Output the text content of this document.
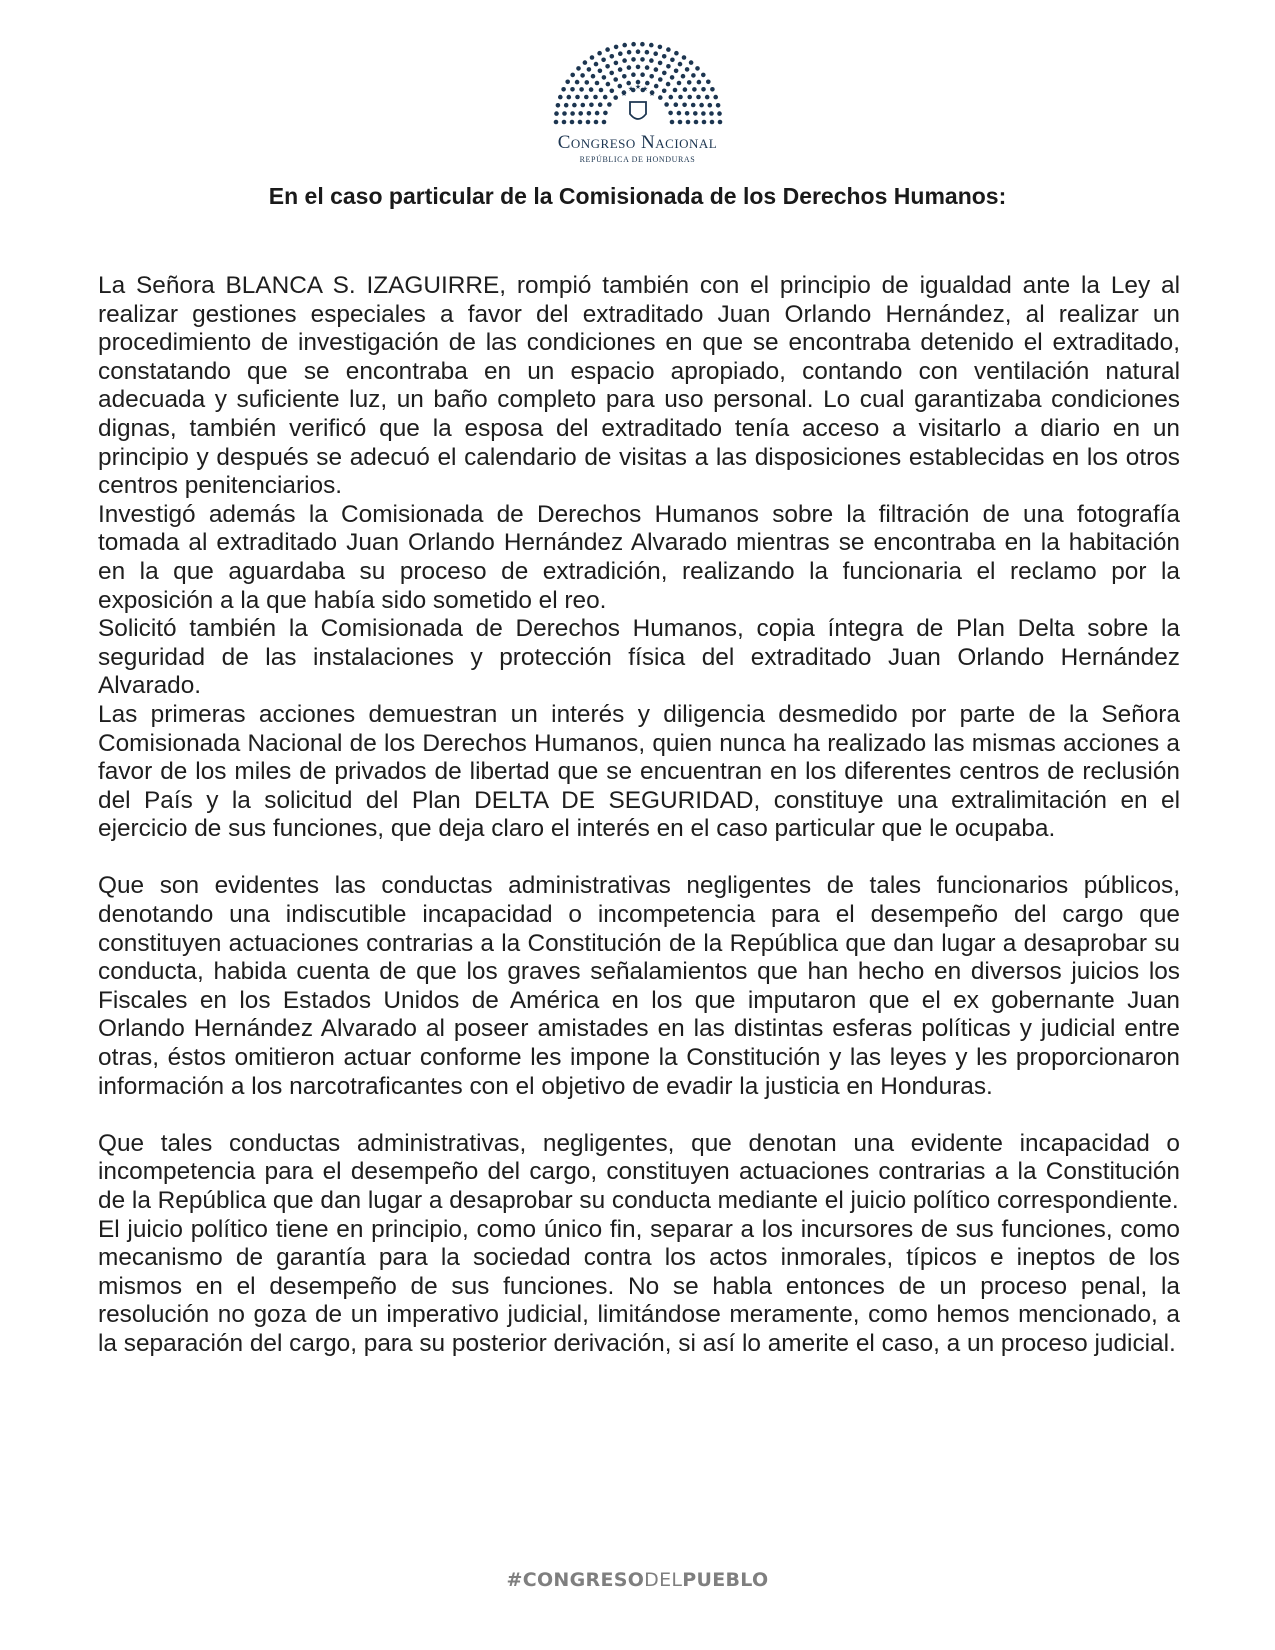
★
★ ★ ★
★
Congreso Nacional
REPÚBLICA DE HONDURAS
En el caso particular de la Comisionada de los Derechos Humanos:

La Señora BLANCA S. IZAGUIRRE, rompió también con el principio de igualdad ante la Ley al realizar gestiones especiales a favor del extraditado Juan Orlando Hernández, al realizar un procedimiento de investigación de las condiciones en que se encontraba detenido el extraditado, constatando que se encontraba en un espacio apropiado, contando con ventilación natural adecuada y suficiente luz, un baño completo para uso personal. Lo cual garantizaba condiciones dignas, también verificó que la esposa del extraditado tenía acceso a visitarlo a diario en un principio y después se adecuó el calendario de visitas a las disposiciones establecidas en los otros centros penitenciarios.

Investigó además la Comisionada de Derechos Humanos sobre la filtración de una fotografía tomada al extraditado Juan Orlando Hernández Alvarado mientras se encontraba en la habitación en la que aguardaba su proceso de extradición, realizando la funcionaria el reclamo por la exposición a la que había sido sometido el reo.

Solicitó también la Comisionada de Derechos Humanos, copia íntegra de Plan Delta sobre la seguridad de las instalaciones y protección física del extraditado Juan Orlando Hernández Alvarado.

Las primeras acciones demuestran un interés y diligencia desmedido por parte de la Señora Comisionada Nacional de los Derechos Humanos, quien nunca ha realizado las mismas acciones a favor de los miles de privados de libertad que se encuentran en los diferentes centros de reclusión del País y la solicitud del Plan DELTA DE SEGURIDAD, constituye una extralimitación en el ejercicio de sus funciones, que deja claro el interés en el caso particular que le ocupaba.

Que son evidentes las conductas administrativas negligentes de tales funcionarios públicos, denotando una indiscutible incapacidad o incompetencia para el desempeño del cargo que constituyen actuaciones contrarias a la Constitución de la República que dan lugar a desaprobar su conducta, habida cuenta de que los graves señalamientos que han hecho en diversos juicios los Fiscales en los Estados Unidos de América en los que imputaron que el ex gobernante Juan Orlando Hernández Alvarado al poseer amistades en las distintas esferas políticas y judicial entre otras, éstos omitieron actuar conforme les impone la Constitución y las leyes y les proporcionaron información a los narcotraficantes con el objetivo de evadir la justicia en Honduras.

Que tales conductas administrativas, negligentes, que denotan una evidente incapacidad o incompetencia para el desempeño del cargo, constituyen actuaciones contrarias a la Constitución de la República que dan lugar a desaprobar su conducta mediante el juicio político correspondiente.

El juicio político tiene en principio, como único fin, separar a los incursores de sus funciones, como mecanismo de garantía para la sociedad contra los actos inmorales, típicos e ineptos de los mismos en el desempeño de sus funciones. No se habla entonces de un proceso penal, la resolución no goza de un imperativo judicial, limitándose meramente, como hemos mencionado, a la separación del cargo, para su posterior derivación, si así lo amerite el caso, a un proceso judicial.

#CONGRESODELPUEBLO
